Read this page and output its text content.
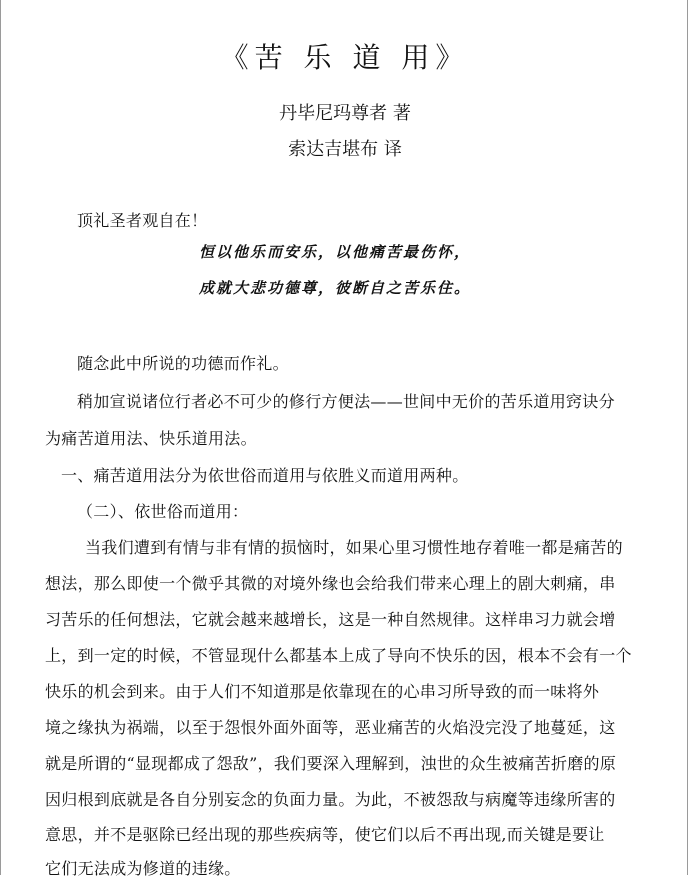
《苦 乐 道 用》

丹毕尼玛尊者 著

索达吉堪布 译

顶礼圣者观自在！

恒以他乐而安乐，以他痛苦最伤怀，

成就大悲功德尊，彼断自之苦乐住。

随念此中所说的功德而作礼。

稍加宣说诸位行者必不可少的修行方便法——世间中无价的苦乐道用窍诀分

为痛苦道用法、快乐道用法。

一、痛苦道用法分为依世俗而道用与依胜义而道用两种。

（二）、依世俗而道用：

当我们遭到有情与非有情的损恼时，如果心里习惯性地存着唯一都是痛苦的

想法，那么即使一个微乎其微的对境外缘也会给我们带来心理上的剧大刺痛，串

习苦乐的任何想法，它就会越来越增长，这是一种自然规律。这样串习力就会增

上，到一定的时候，不管显现什么都基本上成了导向不快乐的因，根本不会有一个

快乐的机会到来。由于人们不知道那是依靠现在的心串习所导致的而一味将外

境之缘执为祸端，以至于怨恨外面外面等，恶业痛苦的火焰没完没了地蔓延，这

就是所谓的“显现都成了怨敌”，我们要深入理解到，浊世的众生被痛苦折磨的原

因归根到底就是各自分别妄念的负面力量。为此，不被怨敌与病魔等违缘所害的

意思，并不是驱除已经出现的那些疾病等，使它们以后不再出现,而关键是要让

它们无法成为修道的违缘。
